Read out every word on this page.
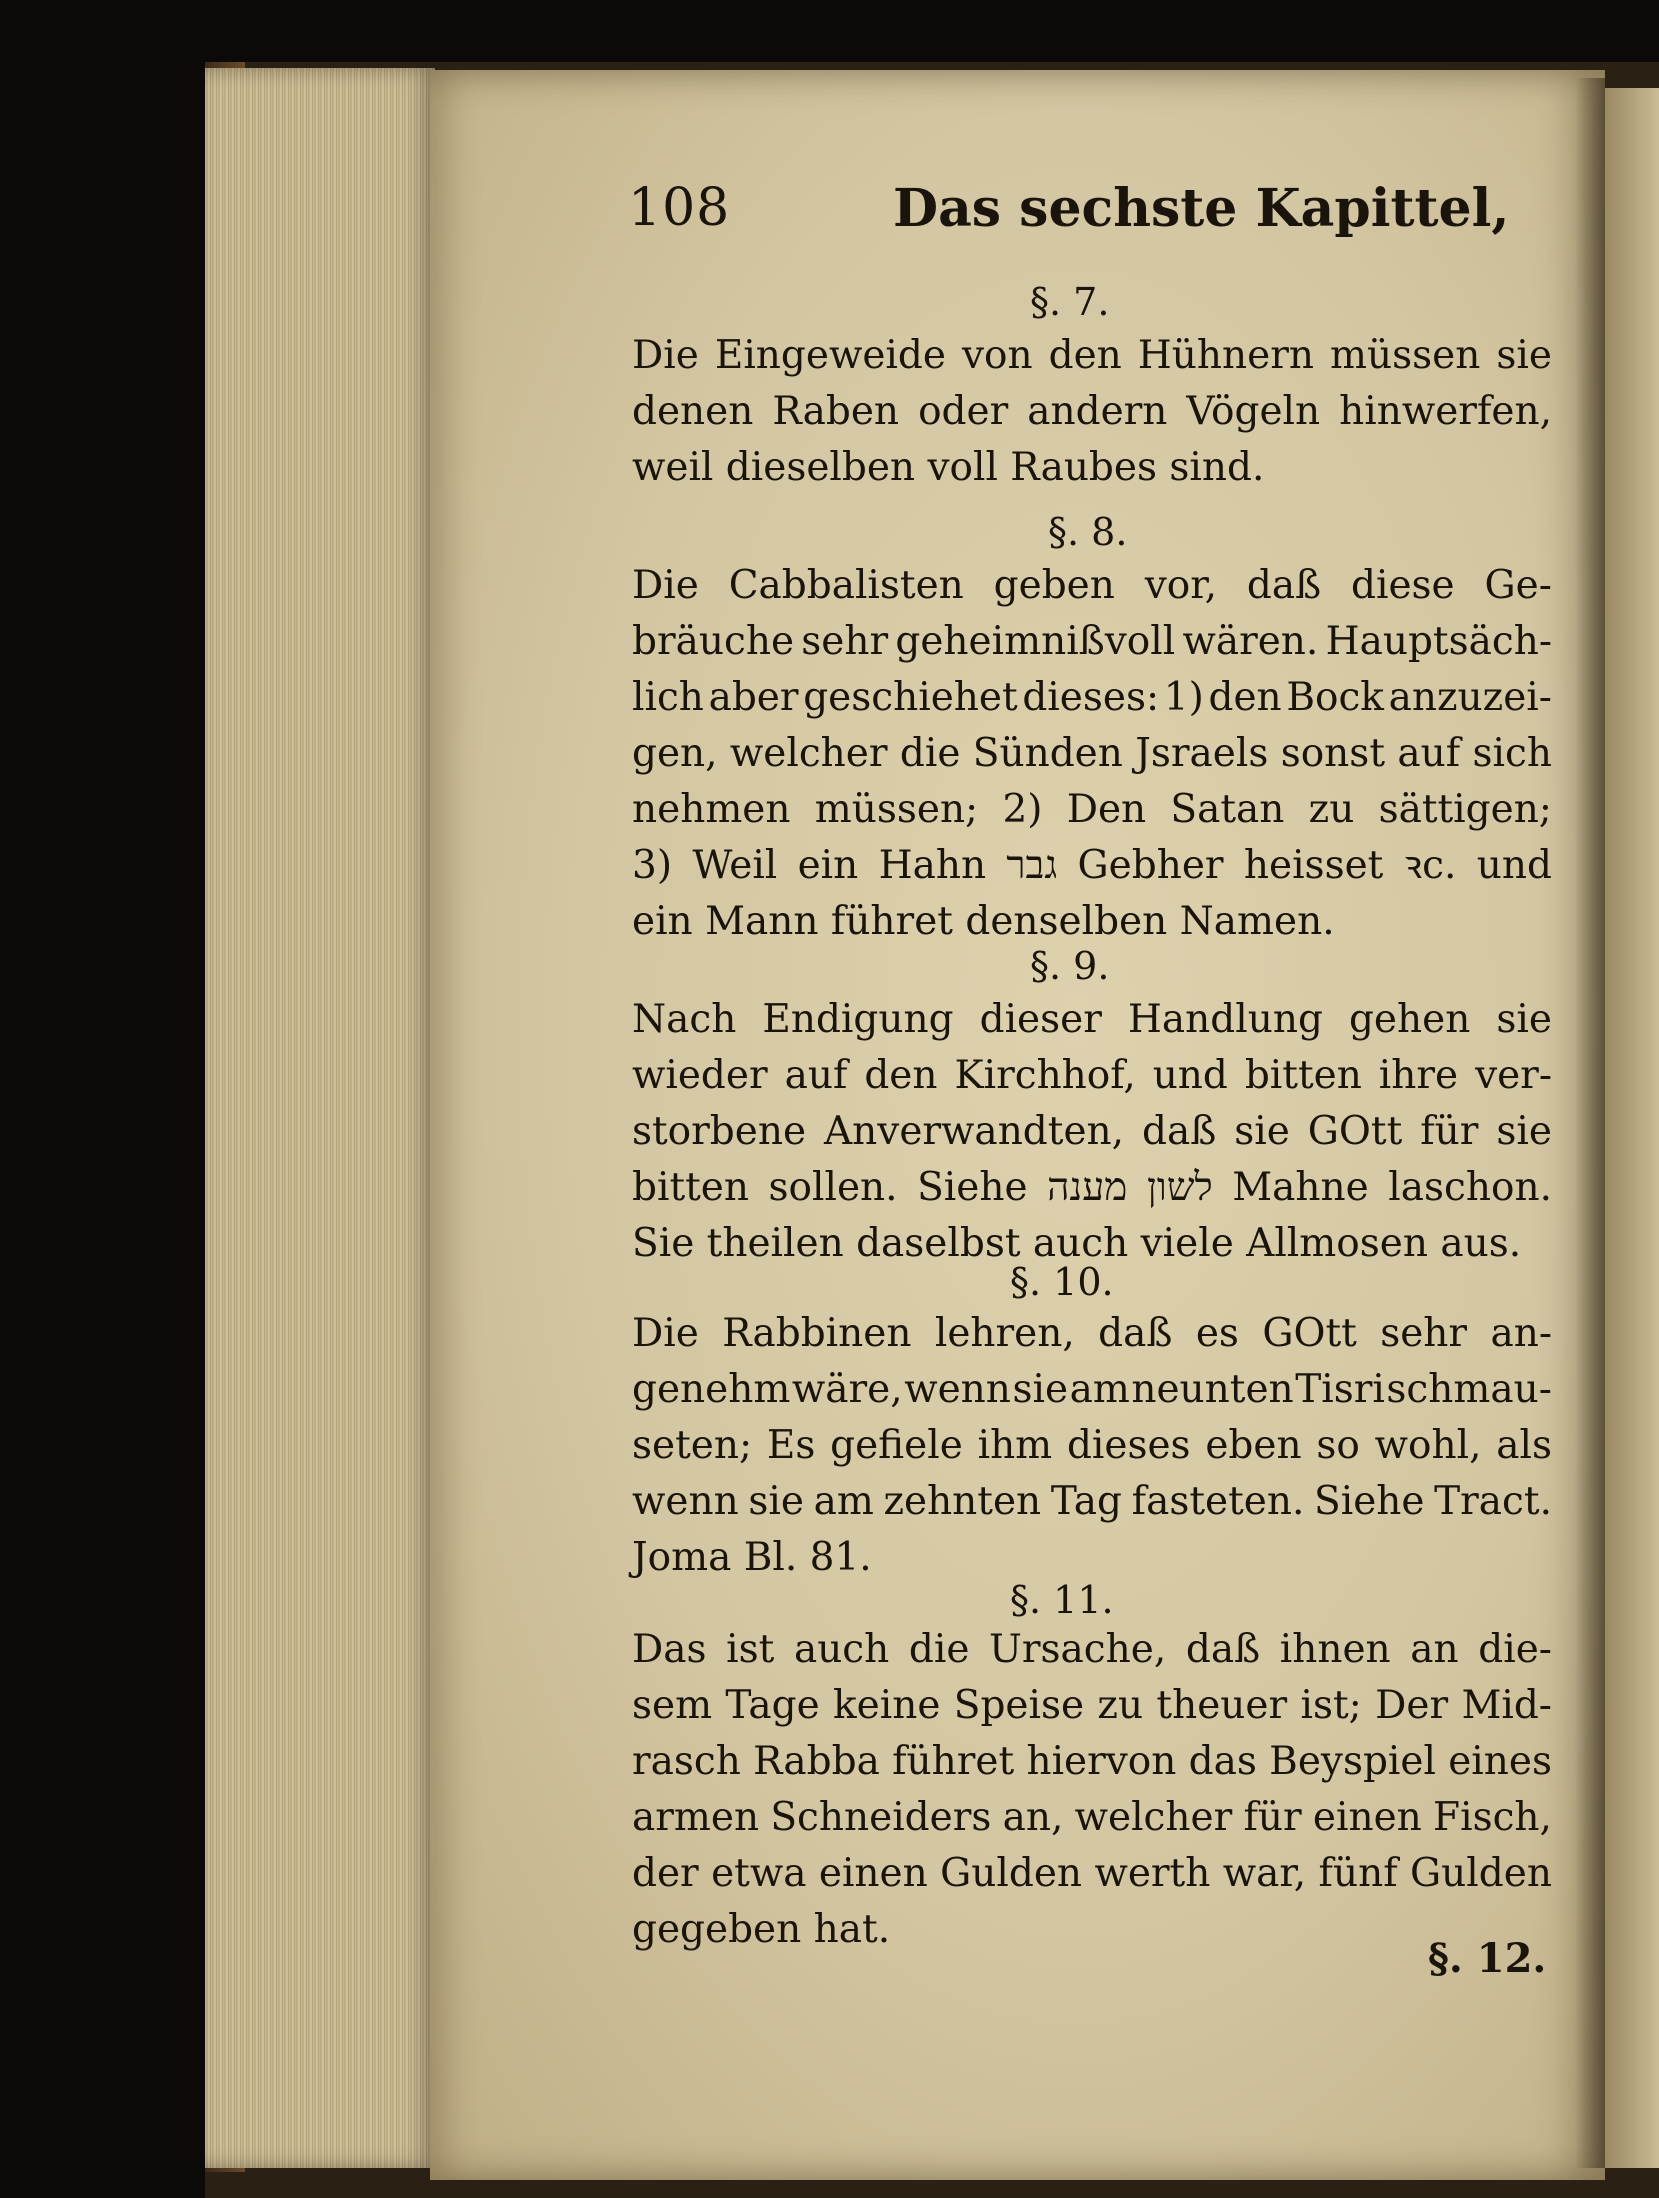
108	Das sechste Kapittel,
§. 7.
Die Eingeweide von den Hühnern müssen sie
denen Raben oder andern Vögeln hinwerfen,
weil dieselben voll Raubes sind.
§. 8.
Die Cabbalisten geben vor, daß diese Ge-
bräuche sehr geheimnißvoll wären. Hauptsäch-
lich aber geschiehet dieses: 1) den Bock anzuzei-
gen, welcher die Sünden Jsraels sonst auf sich
nehmen müssen; 2) Den Satan zu sättigen;
3) Weil ein Hahn גבר Gebher heisset ꝛc. und
ein Mann führet denselben Namen.
§. 9.
Nach Endigung dieser Handlung gehen sie
wieder auf den Kirchhof, und bitten ihre ver-
storbene Anverwandten, daß sie GOtt für sie
bitten sollen. Siehe מענה לשון Mahne laschon.
Sie theilen daselbst auch viele Allmosen aus.
§. 10.
Die Rabbinen lehren, daß es GOtt sehr an-
genehm wäre, wenn sie am neunten Tisri schmau-
seten; Es gefiele ihm dieses eben so wohl, als
wenn sie am zehnten Tag fasteten. Siehe Tract.
Joma Bl. 81.
§. 11.
Das ist auch die Ursache, daß ihnen an die-
sem Tage keine Speise zu theuer ist; Der Mid-
rasch Rabba führet hiervon das Beyspiel eines
armen Schneiders an, welcher für einen Fisch,
der etwa einen Gulden werth war, fünf Gulden
gegeben hat.
§. 12.
